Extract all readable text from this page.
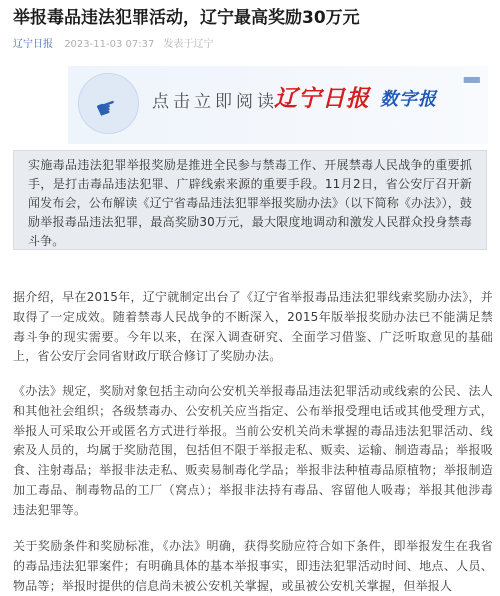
举报毒品违法犯罪活动，辽宁最高奖励30万元
辽宁日报 2023-11-03 07:37 发表于辽宁
☛ 点击立即阅读
辽宁日报 数字报
▪▪▪

实施毒品违法犯罪举报奖励是推进全民参与禁毒工作、开展禁毒人民战争的重要抓手，是打击毒品违法犯罪、广辟线索来源的重要手段。11月2日，省公安厅召开新闻发布会，公布解读《辽宁省毒品违法犯罪举报奖励办法》（以下简称《办法》），鼓励举报毒品违法犯罪，最高奖励30万元，最大限度地调动和激发人民群众投身禁毒斗争。

据介绍，早在2015年，辽宁就制定出台了《辽宁省举报毒品违法犯罪线索奖励办法》，并取得了一定成效。随着禁毒人民战争的不断深入，2015年版举报奖励办法已不能满足禁毒斗争的现实需要。今年以来，在深入调查研究、全面学习借鉴、广泛听取意见的基础上，省公安厅会同省财政厅联合修订了奖励办法。

《办法》规定，奖励对象包括主动向公安机关举报毒品违法犯罪活动或线索的公民、法人和其他社会组织；各级禁毒办、公安机关应当指定、公布举报受理电话或其他受理方式，举报人可采取公开或匿名方式进行举报。当前公安机关尚未掌握的毒品违法犯罪活动、线索及人员的，均属于奖励范围，包括但不限于举报走私、贩卖、运输、制造毒品；举报吸食、注射毒品；举报非法走私、贩卖易制毒化学品；举报非法种植毒品原植物；举报制造加工毒品、制毒物品的工厂（窝点）；举报非法持有毒品、容留他人吸毒；举报其他涉毒违法犯罪等。

关于奖励条件和奖励标准，《办法》明确，获得奖励应符合如下条件，即举报发生在我省的毒品违法犯罪案件；有明确具体的基本举报事实，即违法犯罪活动时间、地点、人员、物品等；举报时提供的信息尚未被公安机关掌握，或虽被公安机关掌握，但举报人
